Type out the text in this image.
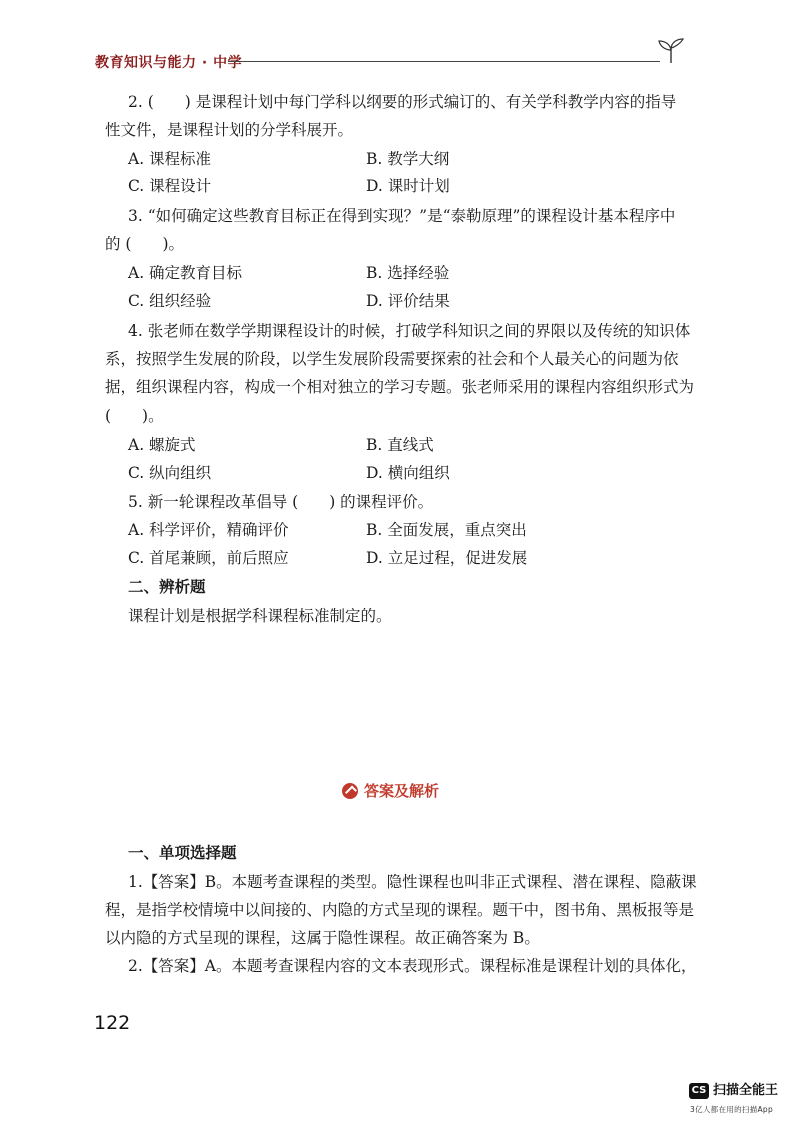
教育知识与能力 · 中学
2. (　　) 是课程计划中每门学科以纲要的形式编订的、有关学科教学内容的指导
性文件，是课程计划的分学科展开。
A. 课程标准	B. 教学大纲
C. 课程设计	D. 课时计划
3. “如何确定这些教育目标正在得到实现？”是“泰勒原理”的课程设计基本程序中
的 (　　)。
A. 确定教育目标	B. 选择经验
C. 组织经验	D. 评价结果
4. 张老师在数学学期课程设计的时候，打破学科知识之间的界限以及传统的知识体
系，按照学生发展的阶段，以学生发展阶段需要探索的社会和个人最关心的问题为依
据，组织课程内容，构成一个相对独立的学习专题。张老师采用的课程内容组织形式为
(　　)。
A. 螺旋式	B. 直线式
C. 纵向组织	D. 横向组织
5. 新一轮课程改革倡导 (　　) 的课程评价。
A. 科学评价，精确评价	B. 全面发展，重点突出
C. 首尾兼顾，前后照应	D. 立足过程，促进发展
二、辨析题
课程计划是根据学科课程标准制定的。
答案及解析
一、单项选择题
1.【答案】B。本题考查课程的类型。隐性课程也叫非正式课程、潜在课程、隐蔽课
程，是指学校情境中以间接的、内隐的方式呈现的课程。题干中，图书角、黑板报等是
以内隐的方式呈现的课程，这属于隐性课程。故正确答案为 B。
2.【答案】A。本题考查课程内容的文本表现形式。课程标准是课程计划的具体化，
122
CS 扫描全能王
3亿人都在用的扫描App
